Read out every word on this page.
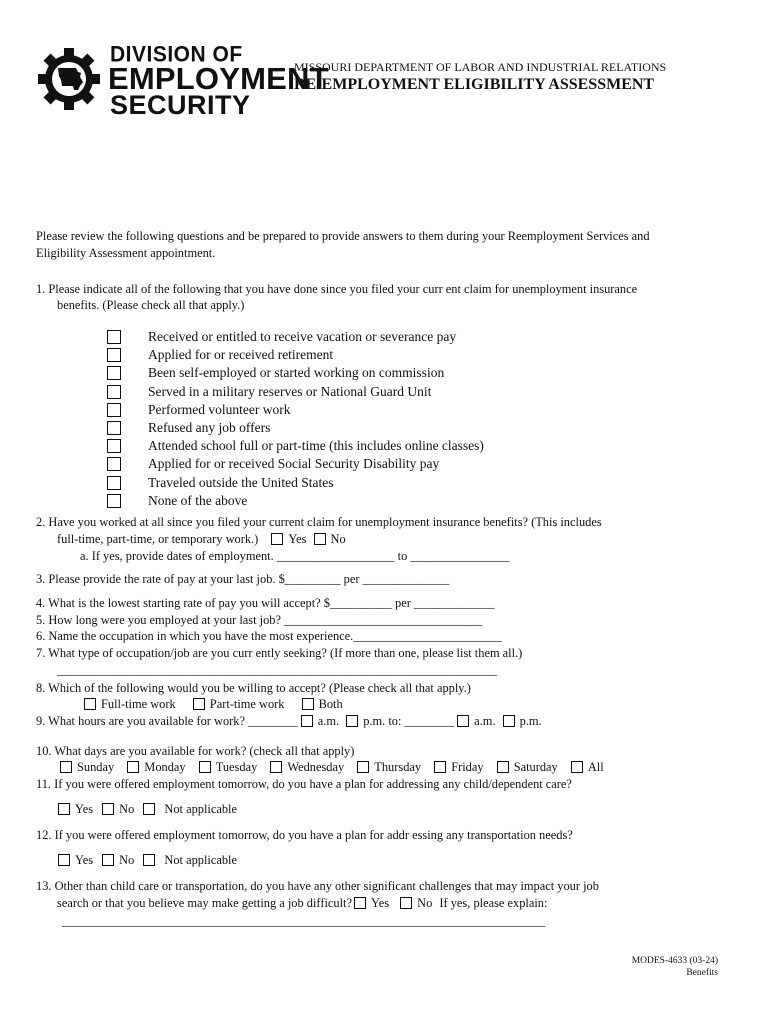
DIVISION OF
EMPLOYMENT
SECURITY
MISSOURI DEPARTMENT OF LABOR AND INDUSTRIAL RELATIONS
RE-EMPLOYMENT ELIGIBILITY ASSESSMENT
Please review the following questions and be prepared to provide answers to them during your Reemployment Services and
Eligibility Assessment appointment.
1. Please indicate all of the following that you have done since you filed your curr ent claim for unemployment insurance
benefits. (Please check all that apply.)
Received or entitled to receive vacation or severance pay
Applied for or received retirement
Been self-employed or started working on commission
Served in a military reserves or National Guard Unit
Performed volunteer work
Refused any job offers
Attended school full or part-time (this includes online classes)
Applied for or received Social Security Disability pay
Traveled outside the United States
None of the above
2. Have you worked at all since you filed your current claim for unemployment insurance benefits? (This includes
full-time, part-time, or temporary work.) Yes No
a. If yes, provide dates of employment. ___________________ to ________________
3. Please provide the rate of pay at your last job. $_________ per ______________
4. What is the lowest starting rate of pay you will accept? $__________ per _____________
5. How long were you employed at your last job? ________________________________
6. Name the occupation in which you have the most experience.________________________
7. What type of occupation/job are you curr ently seeking? (If more than one, please list them all.)
_______________________________________________________________________
8. Which of the following would you be willing to accept? (Please check all that apply.)
Full-time work	Part-time work	Both
9. What hours are you available for work? ________ a.m. p.m. to: ________ a.m. p.m.
10. What days are you available for work? (check all that apply)
Sunday Monday Tuesday Wednesday Thursday Friday Saturday All
11. If you were offered employment tomorrow, do you have a plan for addressing any child/dependent care?
Yes No Not applicable
12. If you were offered employment tomorrow, do you have a plan for addr essing any transportation needs?
Yes No Not applicable
13. Other than child care or transportation, do you have any other significant challenges that may impact your job
search or that you believe may make getting a job difficult? Yes No If yes, please explain:
______________________________________________________________________________
MODES-4633 (03-24)
Benefits
